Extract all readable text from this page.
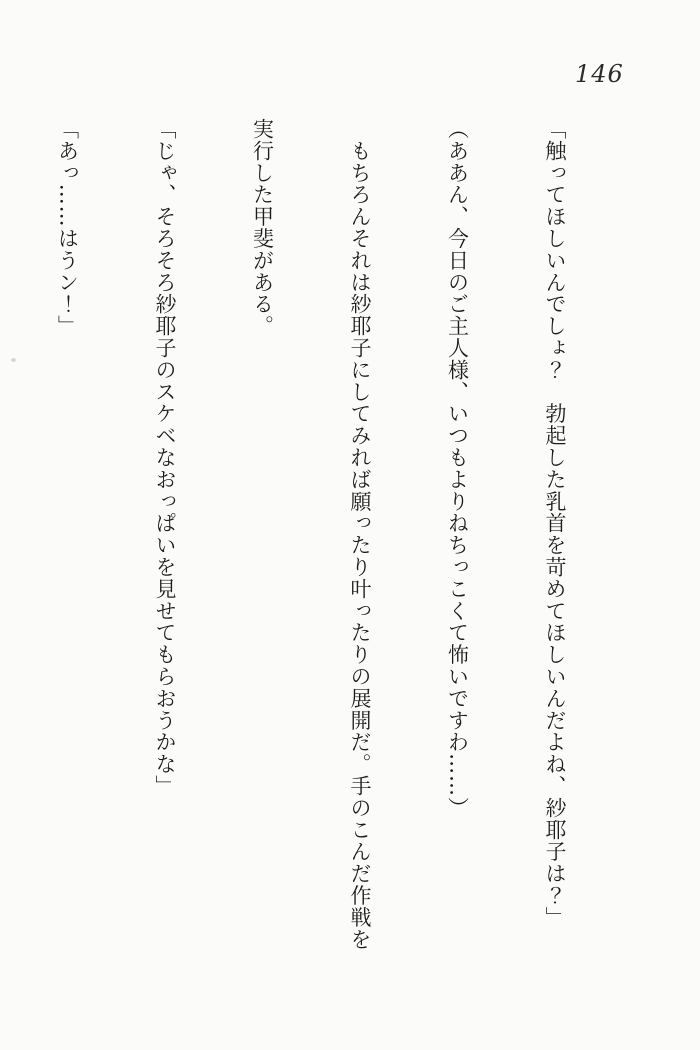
146

「触ってほしいんでしょ？　勃起した乳首を苛めてほしいんだよね、紗耶子は？」

（ああん、今日のご主人様、いつもよりねちっこくて怖いですわ……）

　もちろんそれは紗耶子にしてみれば願ったり叶ったりの展開だ。手のこんだ作戦を

実行した甲斐がある。

「じゃ、そろそろ紗耶子のスケベなおっぱいを見せてもらおうかな」

「あっ……はうン！」
